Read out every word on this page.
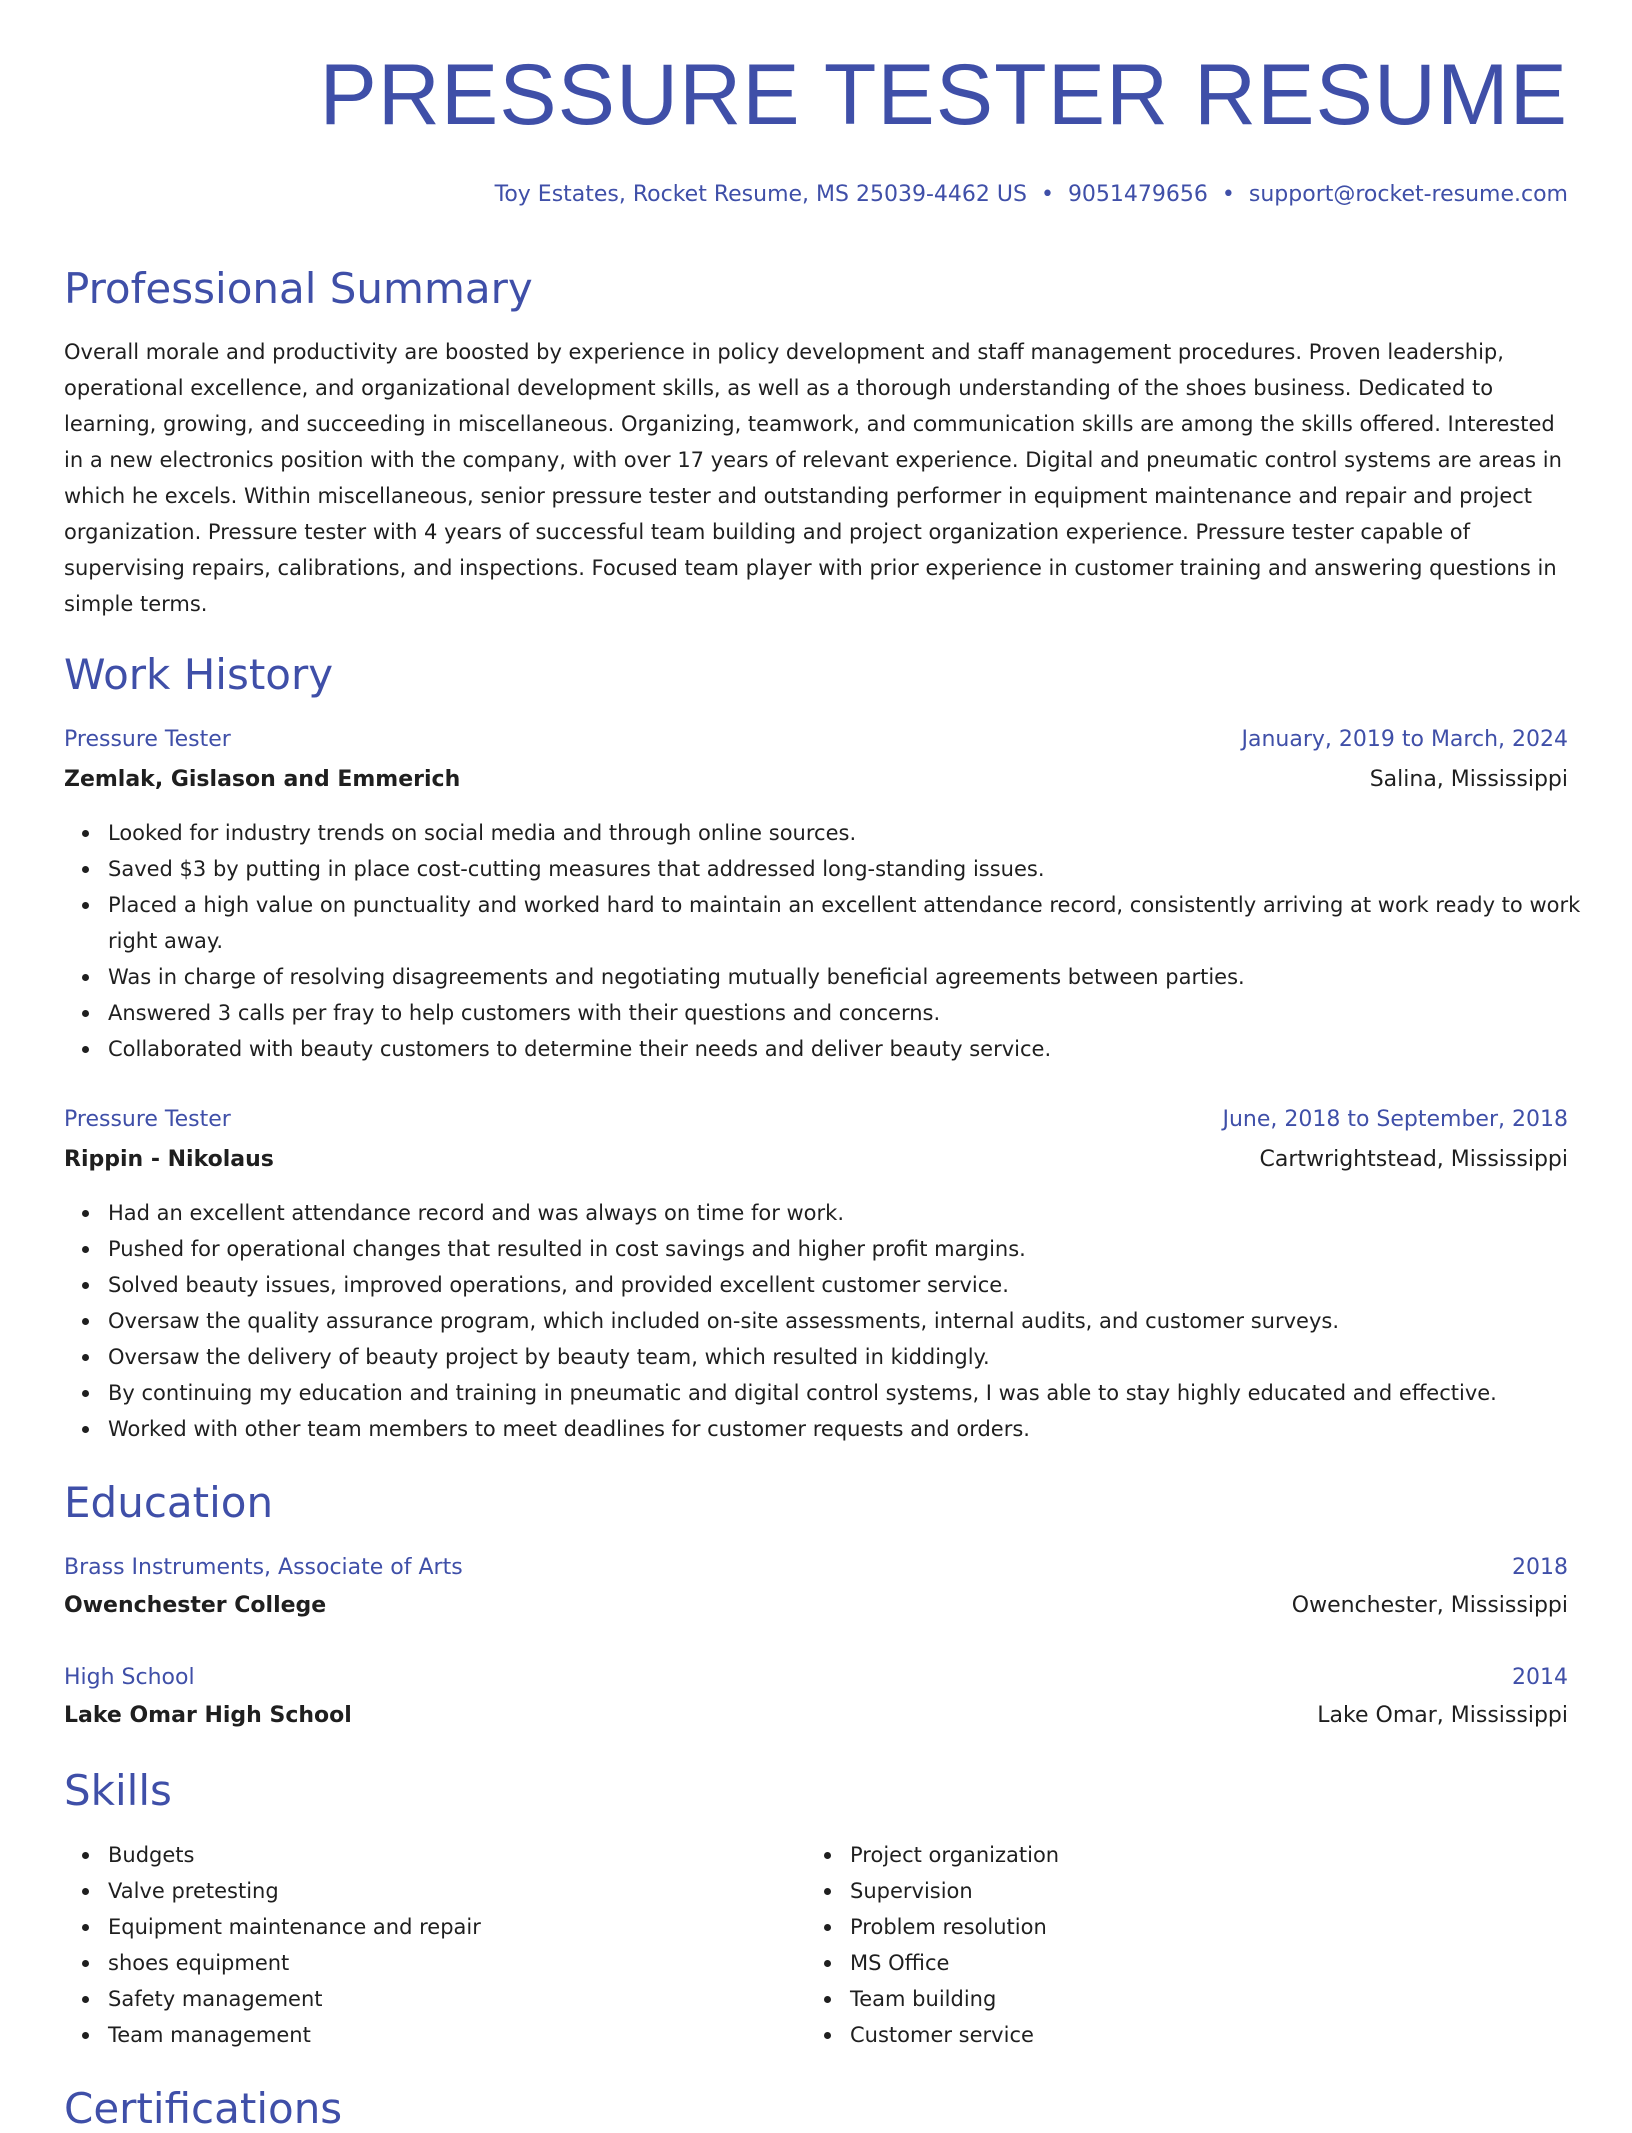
PRESSURE TESTER RESUME
Toy Estates, Rocket Resume, MS 25039-4462 US • 9051479656 • support@rocket-resume.com
Professional Summary

Overall morale and productivity are boosted by experience in policy development and staff management procedures. Proven leadership, operational excellence, and organizational development skills, as well as a thorough understanding of the shoes business. Dedicated to learning, growing, and succeeding in miscellaneous. Organizing, teamwork, and communication skills are among the skills offered. Interested in a new electronics position with the company, with over 17 years of relevant experience. Digital and pneumatic control systems are areas in which he excels. Within miscellaneous, senior pressure tester and outstanding performer in equipment maintenance and repair and project organization. Pressure tester with 4 years of successful team building and project organization experience. Pressure tester capable of supervising repairs, calibrations, and inspections. Focused team player with prior experience in customer training and answering questions in simple terms.

Work History
Pressure Tester	January, 2019 to March, 2024
Zemlak, Gislason and Emmerich	Salina, Mississippi
Looked for industry trends on social media and through online sources.
Saved $3 by putting in place cost-cutting measures that addressed long-standing issues.
Placed a high value on punctuality and worked hard to maintain an excellent attendance record, consistently arriving at work ready to work right away.
Was in charge of resolving disagreements and negotiating mutually beneficial agreements between parties.
Answered 3 calls per fray to help customers with their questions and concerns.
Collaborated with beauty customers to determine their needs and deliver beauty service.
Pressure Tester	June, 2018 to September, 2018
Rippin - Nikolaus	Cartwrightstead, Mississippi
Had an excellent attendance record and was always on time for work.
Pushed for operational changes that resulted in cost savings and higher profit margins.
Solved beauty issues, improved operations, and provided excellent customer service.
Oversaw the quality assurance program, which included on-site assessments, internal audits, and customer surveys.
Oversaw the delivery of beauty project by beauty team, which resulted in kiddingly.
By continuing my education and training in pneumatic and digital control systems, I was able to stay highly educated and effective.
Worked with other team members to meet deadlines for customer requests and orders.
Education
Brass Instruments, Associate of Arts	2018
Owenchester College	Owenchester, Mississippi
High School	2014
Lake Omar High School	Lake Omar, Mississippi
Skills
Budgets
Valve pretesting
Equipment maintenance and repair
shoes equipment
Safety management
Team management
Project organization
Supervision
Problem resolution
MS Office
Team building
Customer service
Certifications
